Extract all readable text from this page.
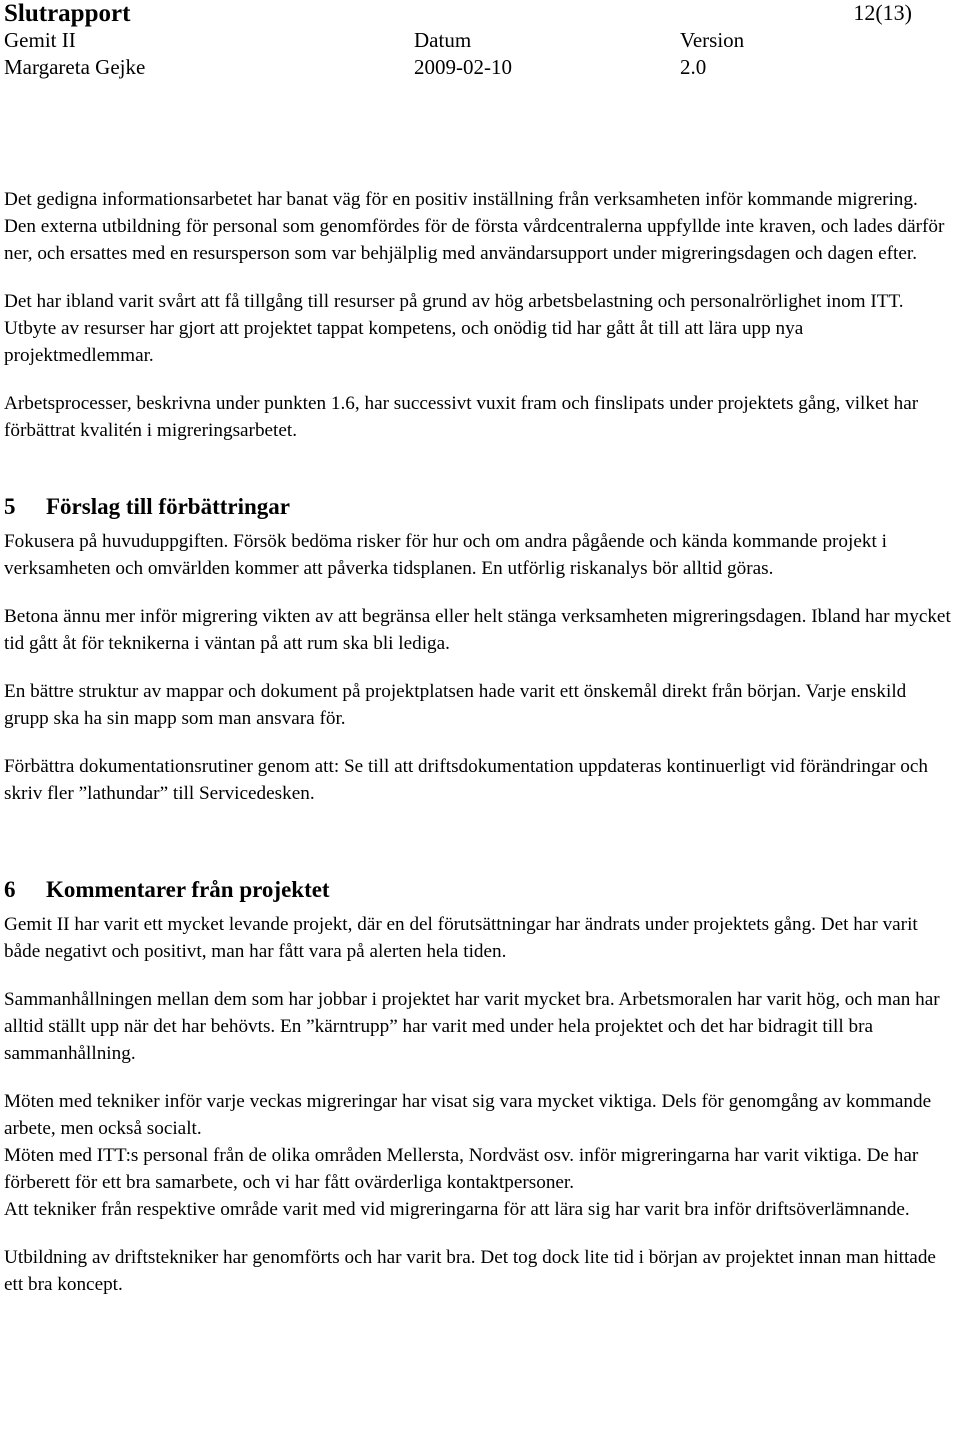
Slutrapport	12(13)
Gemit II	Datum	Version
Margareta Gejke	2009-02-10	2.0

Det gedigna informationsarbetet har banat väg för en positiv inställning från verksamheten inför kommande migrering. Den externa utbildning för personal som genomfördes för de första vårdcentralerna uppfyllde inte kraven, och lades därför ner, och ersattes med en resursperson som var behjälplig med användarsupport under migreringsdagen och dagen efter.

Det har ibland varit svårt att få tillgång till resurser på grund av hög arbetsbelastning och personalrörlighet inom ITT. Utbyte av resurser har gjort att projektet tappat kompetens, och onödig tid har gått åt till att lära upp nya projektmedlemmar.

Arbetsprocesser, beskrivna under punkten 1.6, har successivt vuxit fram och finslipats under projektets gång, vilket har förbättrat kvalitén i migreringsarbetet.

5 Förslag till förbättringar

Fokusera på huvuduppgiften. Försök bedöma risker för hur och om andra pågående och kända kommande projekt i verksamheten och omvärlden kommer att påverka tidsplanen. En utförlig riskanalys bör alltid göras.

Betona ännu mer inför migrering vikten av att begränsa eller helt stänga verksamheten migreringsdagen. Ibland har mycket tid gått åt för teknikerna i väntan på att rum ska bli lediga.

En bättre struktur av mappar och dokument på projektplatsen hade varit ett önskemål direkt från början. Varje enskild grupp ska ha sin mapp som man ansvara för.

Förbättra dokumentationsrutiner genom att: Se till att driftsdokumentation uppdateras kontinuerligt vid förändringar och skriv fler ”lathundar” till Servicedesken.

6 Kommentarer från projektet

Gemit II har varit ett mycket levande projekt, där en del förutsättningar har ändrats under projektets gång. Det har varit både negativt och positivt, man har fått vara på alerten hela tiden.

Sammanhållningen mellan dem som har jobbar i projektet har varit mycket bra. Arbetsmoralen har varit hög, och man har alltid ställt upp när det har behövts. En ”kärntrupp” har varit med under hela projektet och det har bidragit till bra sammanhållning.

Möten med tekniker inför varje veckas migreringar har visat sig vara mycket viktiga. Dels för genomgång av kommande arbete, men också socialt.

Möten med ITT:s personal från de olika områden Mellersta, Nordväst osv. inför migreringarna har varit viktiga. De har förberett för ett bra samarbete, och vi har fått ovärderliga kontaktpersoner.

Att tekniker från respektive område varit med vid migreringarna för att lära sig har varit bra inför driftsöverlämnande.

Utbildning av driftstekniker har genomförts och har varit bra. Det tog dock lite tid i början av projektet innan man hittade ett bra koncept.
